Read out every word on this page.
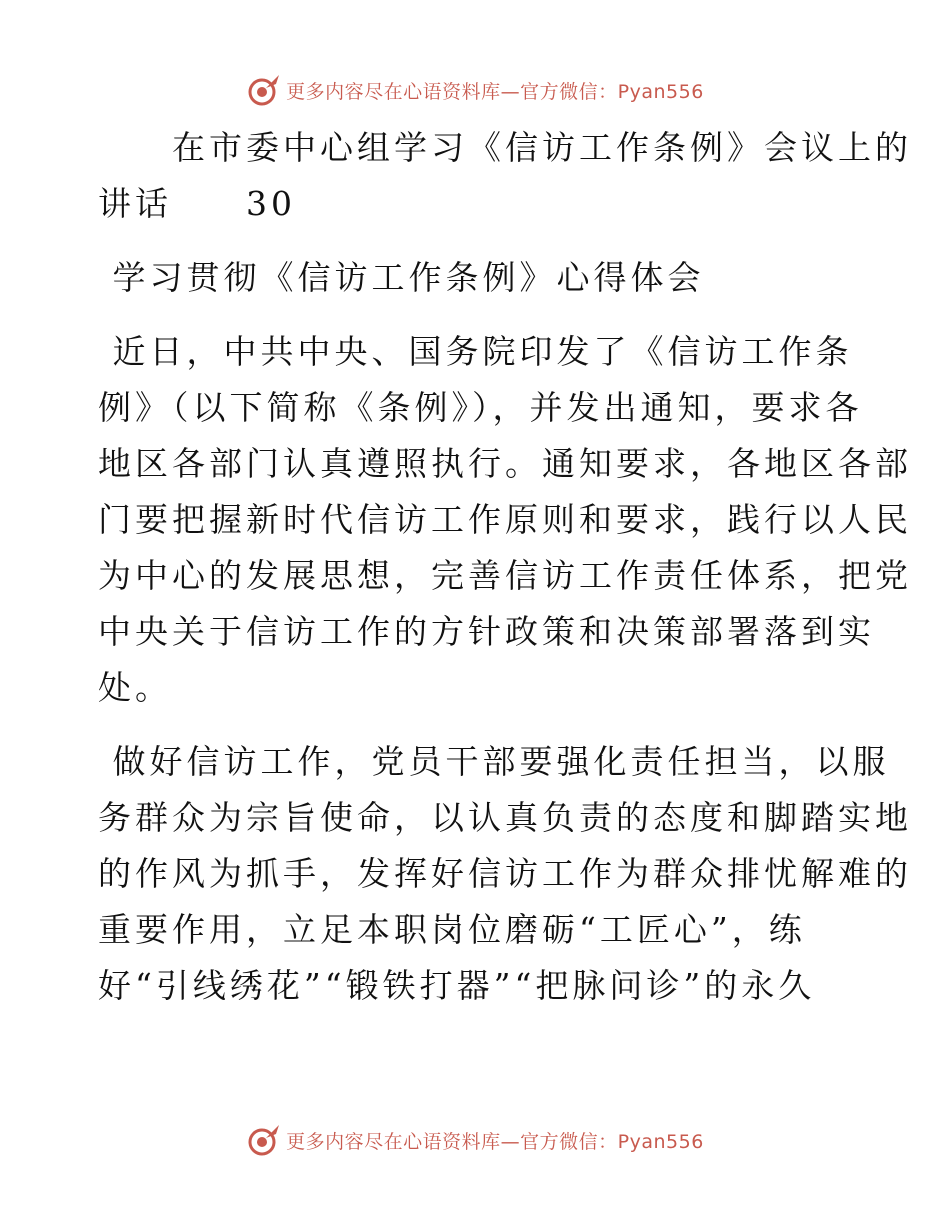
更多内容尽在心语资料库—官方微信：Pyan556
　　在市委中心组学习《信访工作条例》会议上的
讲话　　30
学习贯彻《信访工作条例》心得体会
近日，中共中央、国务院印发了《信访工作条
例》（以下简称《条例》），并发出通知，要求各
地区各部门认真遵照执行。通知要求，各地区各部
门要把握新时代信访工作原则和要求，践行以人民
为中心的发展思想，完善信访工作责任体系，把党
中央关于信访工作的方针政策和决策部署落到实
处。
做好信访工作，党员干部要强化责任担当，以服
务群众为宗旨使命，以认真负责的态度和脚踏实地
的作风为抓手，发挥好信访工作为群众排忧解难的
重要作用，立足本职岗位磨砺“工匠心”，练
好“引线绣花”“锻铁打器”“把脉问诊”的永久
更多内容尽在心语资料库—官方微信：Pyan556
